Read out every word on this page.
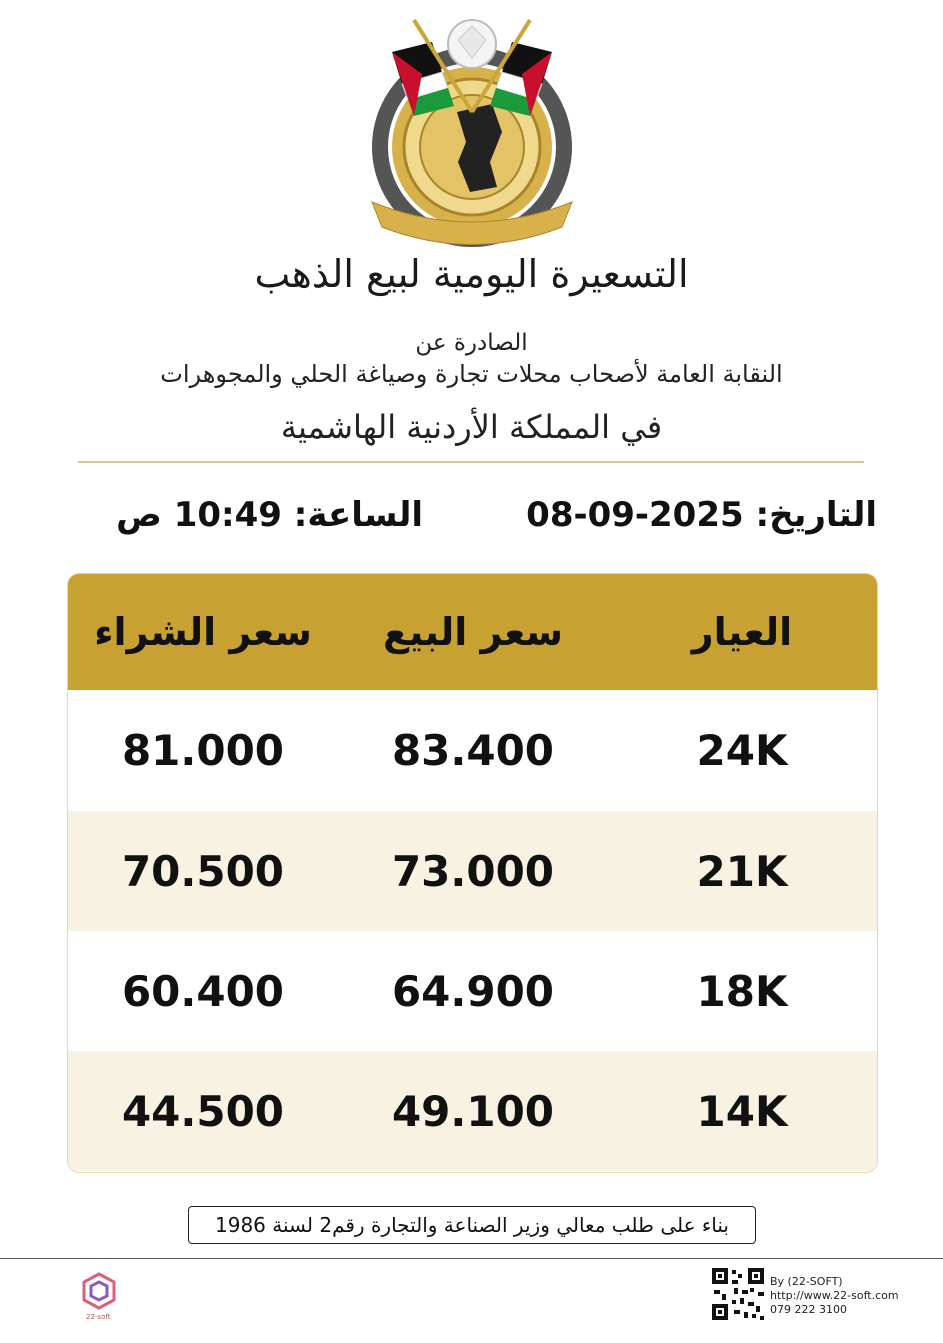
التسعيرة اليومية لبيع الذهب
الصادرة عن
النقابة العامة لأصحاب محلات تجارة وصياغة الحلي والمجوهرات
في المملكة الأردنية الهاشمية
التاريخ: 08-09-2025
الساعة: 10:49 ص
العيار
سعر البيع
سعر الشراء
24K
83.400
81.000
21K
73.000
70.500
18K
64.900
60.400
14K
49.100
44.500
بناء على طلب معالي وزير الصناعة والتجارة رقم2 لسنة 1986
22-soft
By (22-SOFT)
http://www.22-soft.com
079 222 3100
